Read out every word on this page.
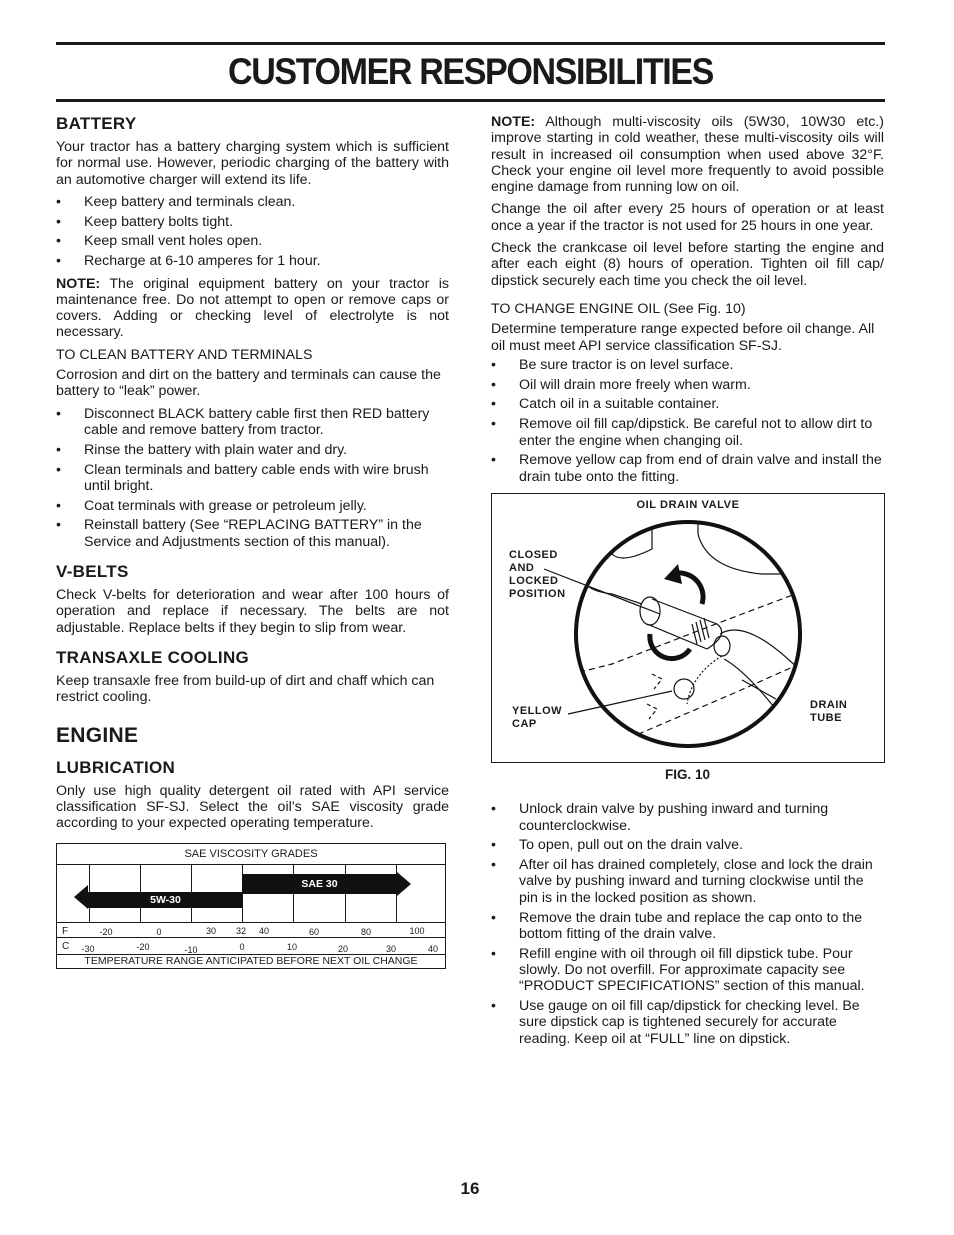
CUSTOMER RESPONSIBILITIES
BATTERY

Your tractor has a battery charging system which is sufficient for normal use. However, periodic charging of the battery with an automotive charger will extend its life.

• Keep battery and terminals clean.
• Keep battery bolts tight.
• Keep small vent holes open.
• Recharge at 6-10 amperes for 1 hour.

NOTE: The original equipment battery on your tractor is maintenance free. Do not attempt to open or remove caps or covers. Adding or checking level of electrolyte is not necessary.

TO CLEAN BATTERY AND TERMINALS

Corrosion and dirt on the battery and terminals can cause the battery to “leak” power.

• Disconnect BLACK battery cable first then RED battery cable and remove battery from tractor.
• Rinse the battery with plain water and dry.
• Clean terminals and battery cable ends with wire brush until bright.
• Coat terminals with grease or petroleum jelly.
• Reinstall battery (See “REPLACING BATTERY” in the Service and Adjustments section of this manual).
V-BELTS

Check V-belts for deterioration and wear after 100 hours of operation and replace if necessary. The belts are not adjustable. Replace belts if they begin to slip from wear.

TRANSAXLE COOLING

Keep transaxle free from build-up of dirt and chaff which can restrict cooling.

ENGINE
LUBRICATION

Only use high quality detergent oil rated with API service classification SF-SJ. Select the oil’s SAE viscosity grade according to your expected operating temperature.

SAE VISCOSITY GRADES
5W-30
SAE 30
F	-20	0	30 32 40	60	80	100
C -30	-20	-10	0	10	20	30	40
TEMPERATURE RANGE ANTICIPATED BEFORE NEXT OIL CHANGE

NOTE: Although multi-viscosity oils (5W30, 10W30 etc.) improve starting in cold weather, these multi-viscosity oils will result in increased oil consumption when used above 32°F. Check your engine oil level more frequently to avoid possible engine damage from running low on oil.

Change the oil after every 25 hours of operation or at least once a year if the tractor is not used for 25 hours in one year.

Check the crankcase oil level before starting the engine and after each eight (8) hours of operation. Tighten oil fill cap/ dipstick securely each time you check the oil level.

TO CHANGE ENGINE OIL (See Fig. 10)

Determine temperature range expected before oil change. All oil must meet API service classification SF-SJ.

• Be sure tractor is on level surface.
• Oil will drain more freely when warm.
• Catch oil in a suitable container.
• Remove oil fill cap/dipstick. Be careful not to allow dirt to enter the engine when changing oil.
• Remove yellow cap from end of drain valve and install the drain tube onto the fitting.
OIL DRAIN VALVE
CLOSED
AND
LOCKED
POSITION
YELLOW
CAP
DRAIN
TUBE
FIG. 10
• Unlock drain valve by pushing inward and turning counterclockwise.
• To open, pull out on the drain valve.
• After oil has drained completely, close and lock the drain valve by pushing inward and turning clockwise until the pin is in the locked position as shown.
• Remove the drain tube and replace the cap onto to the bottom fitting of the drain valve.
• Refill engine with oil through oil fill dipstick tube. Pour slowly. Do not overfill. For approximate capacity see “PRODUCT SPECIFICATIONS” section of this manual.
• Use gauge on oil fill cap/dipstick for checking level. Be sure dipstick cap is tightened securely for accurate reading. Keep oil at “FULL” line on dipstick.
16
